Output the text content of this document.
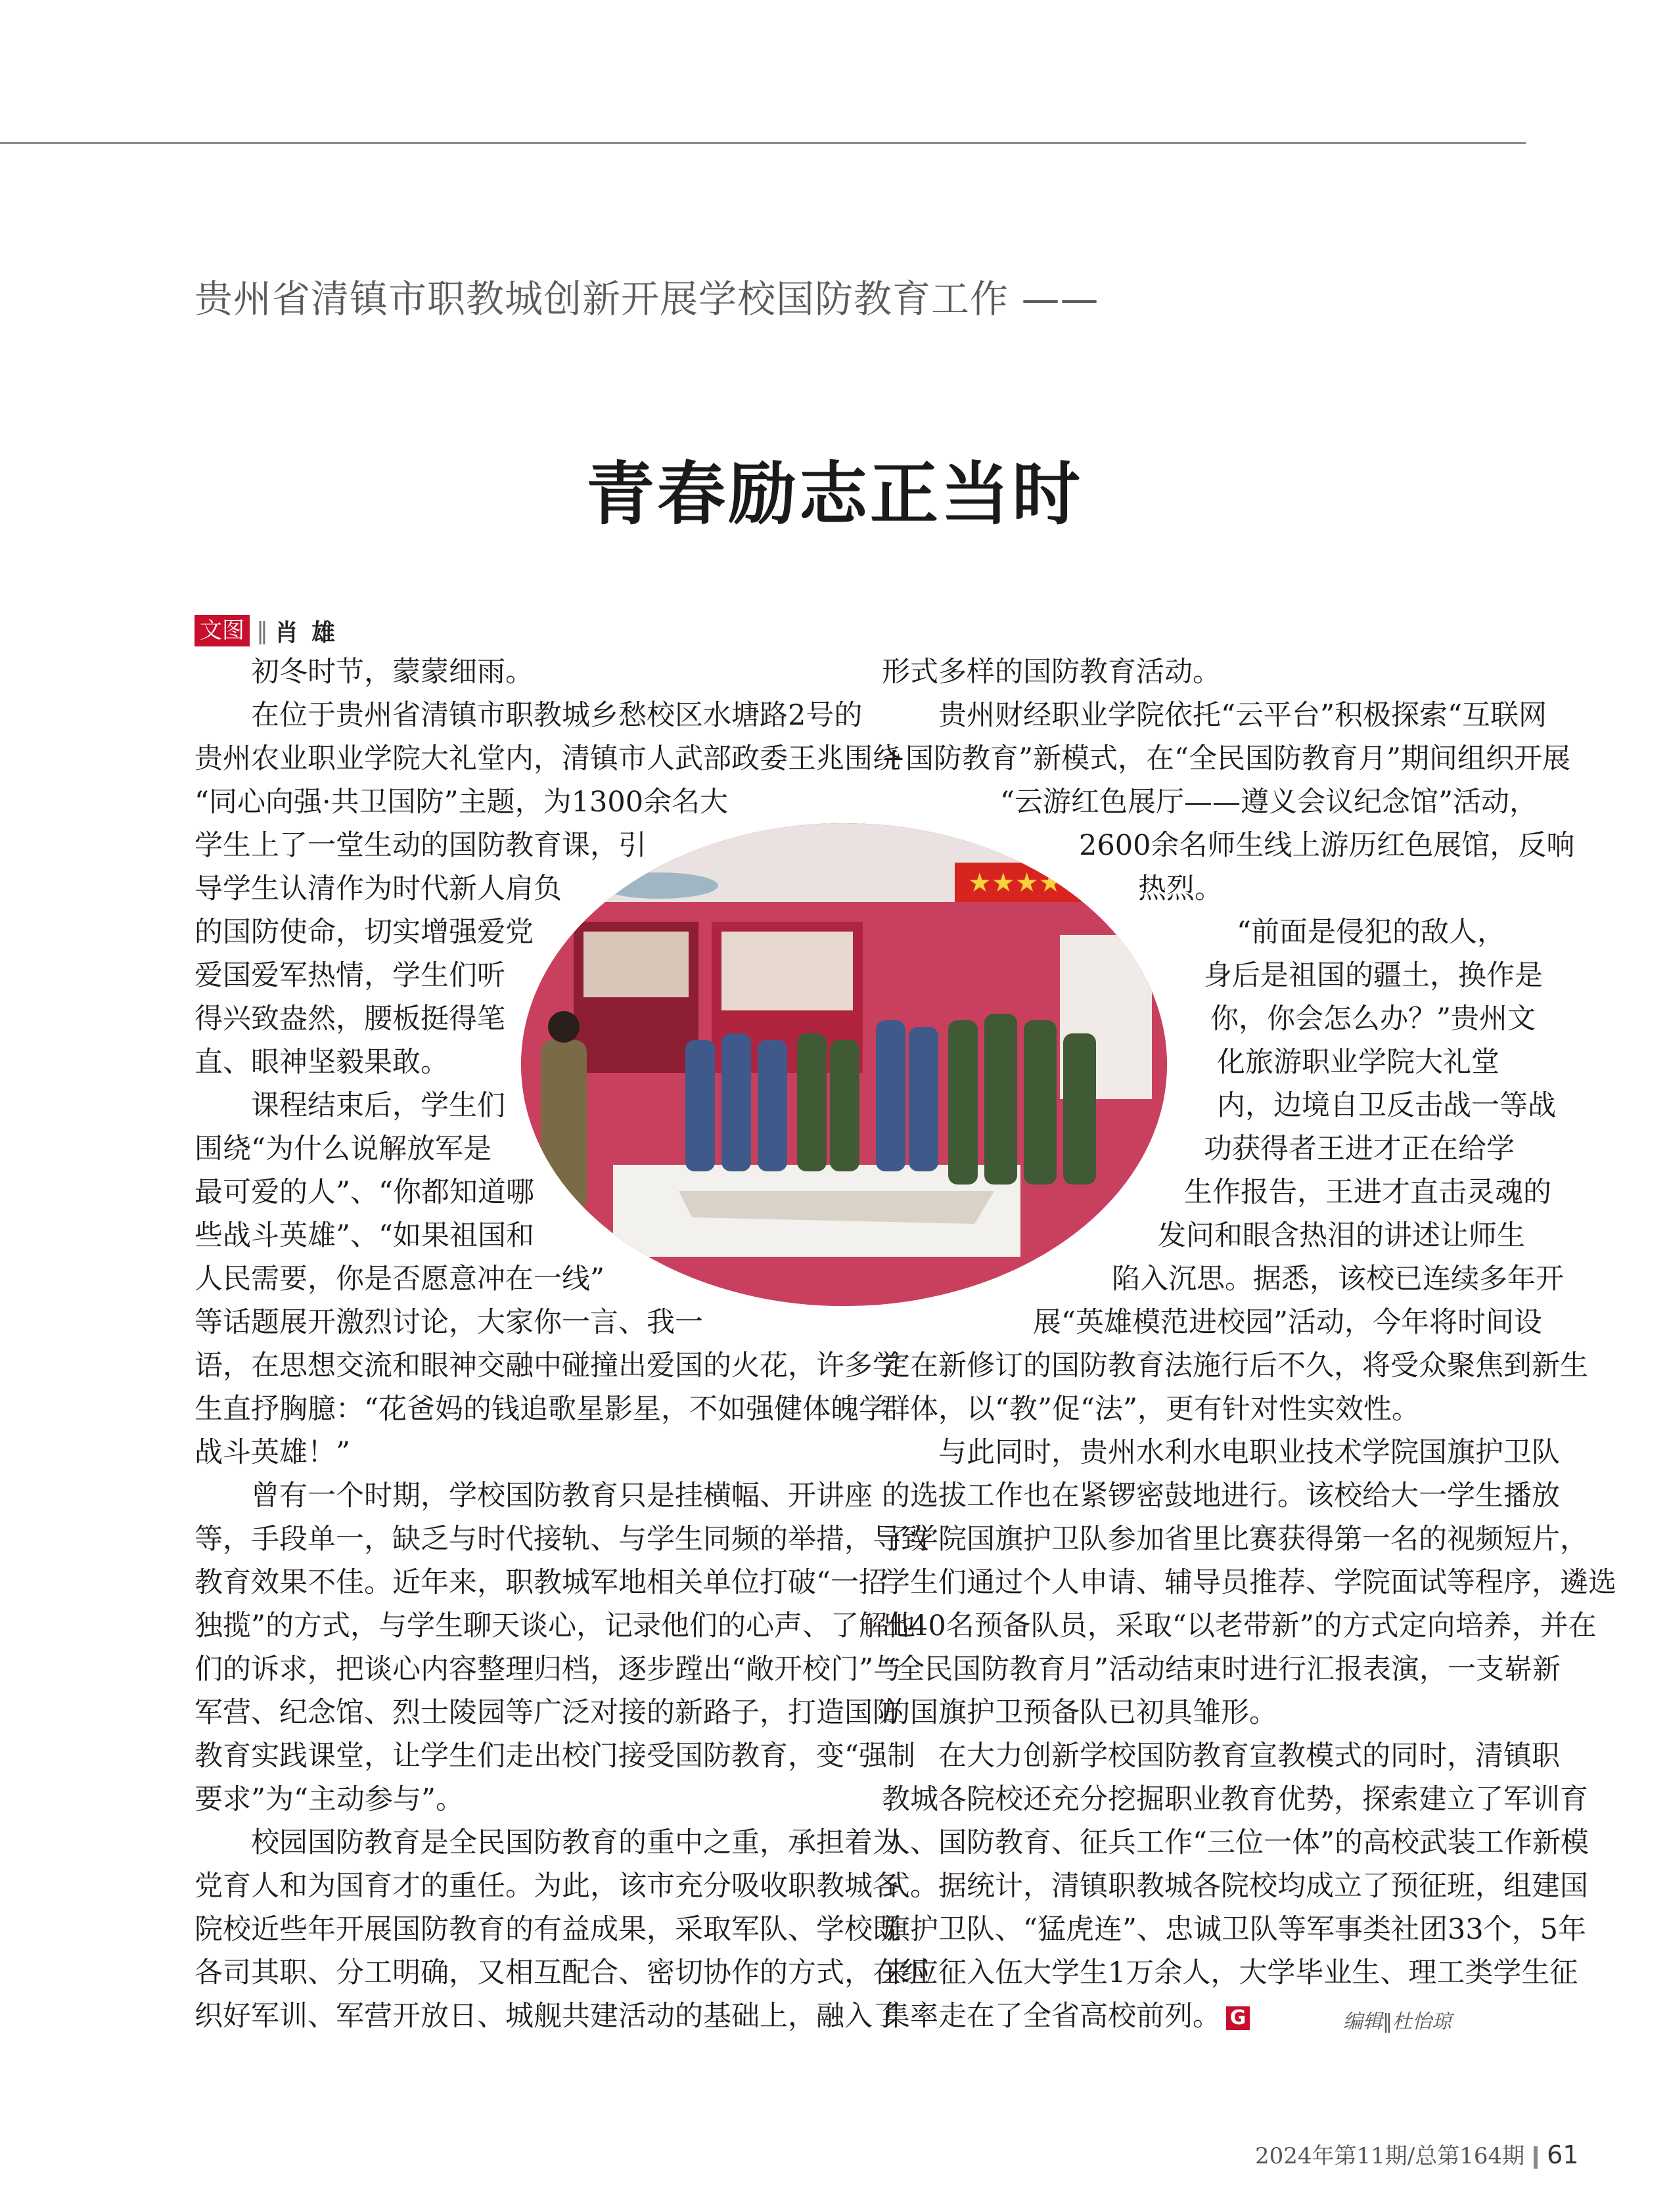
贵州省清镇市职教城创新开展学校国防教育工作 ——
青春励志正当时
文图 ‖ 肖雄
　　初冬时节，蒙蒙细雨。
　　在位于贵州省清镇市职教城乡愁校区水塘路2号的
贵州农业职业学院大礼堂内，清镇市人武部政委王兆围绕
“同心向强·共卫国防”主题，为1300余名大
学生上了一堂生动的国防教育课，引
导学生认清作为时代新人肩负
的国防使命，切实增强爱党
爱国爱军热情，学生们听
得兴致盎然，腰板挺得笔
直、眼神坚毅果敢。
　　课程结束后，学生们
围绕“为什么说解放军是
最可爱的人”、“你都知道哪
些战斗英雄”、“如果祖国和
人民需要，你是否愿意冲在一线”
等话题展开激烈讨论，大家你一言、我一
语，在思想交流和眼神交融中碰撞出爱国的火花，许多学
生直抒胸臆：“花爸妈的钱追歌星影星，不如强健体魄学
战斗英雄！”
　　曾有一个时期，学校国防教育只是挂横幅、开讲座
等，手段单一，缺乏与时代接轨、与学生同频的举措，导致
教育效果不佳。近年来，职教城军地相关单位打破“一招
独揽”的方式，与学生聊天谈心，记录他们的心声、了解他
们的诉求，把谈心内容整理归档，逐步蹚出“敞开校门”与
军营、纪念馆、烈士陵园等广泛对接的新路子，打造国防
教育实践课堂，让学生们走出校门接受国防教育，变“强制
要求”为“主动参与”。
　　校园国防教育是全民国防教育的重中之重，承担着为
党育人和为国育才的重任。为此，该市充分吸收职教城各
院校近些年开展国防教育的有益成果，采取军队、学校既
各司其职、分工明确，又相互配合、密切协作的方式，在组
织好军训、军营开放日、城舰共建活动的基础上，融入了
形式多样的国防教育活动。
　　贵州财经职业学院依托“云平台”积极探索“互联网
+国防教育”新模式，在“全民国防教育月”期间组织开展
“云游红色展厅——遵义会议纪念馆”活动，
2600余名师生线上游历红色展馆，反响
热烈。
“前面是侵犯的敌人，
身后是祖国的疆土，换作是
你，你会怎么办？”贵州文
化旅游职业学院大礼堂
内，边境自卫反击战一等战
功获得者王进才正在给学
生作报告，王进才直击灵魂的
发问和眼含热泪的讲述让师生
陷入沉思。据悉，该校已连续多年开
展“英雄模范进校园”活动，今年将时间设
定在新修订的国防教育法施行后不久，将受众聚焦到新生
群体，以“教”促“法”，更有针对性实效性。
　　与此同时，贵州水利水电职业技术学院国旗护卫队
的选拔工作也在紧锣密鼓地进行。该校给大一学生播放
了学院国旗护卫队参加省里比赛获得第一名的视频短片，
学生们通过个人申请、辅导员推荐、学院面试等程序，遴选
出40名预备队员，采取“以老带新”的方式定向培养，并在
“全民国防教育月”活动结束时进行汇报表演，一支崭新
的国旗护卫预备队已初具雏形。
　　在大力创新学校国防教育宣教模式的同时，清镇职
教城各院校还充分挖掘职业教育优势，探索建立了军训育
人、国防教育、征兵工作“三位一体”的高校武装工作新模
式。据统计，清镇职教城各院校均成立了预征班，组建国
旗护卫队、“猛虎连”、忠诚卫队等军事类社团33个，5年
来应征入伍大学生1万余人，大学毕业生、理工类学生征
集率走在了全省高校前列。 G
★★★★★
编辑‖杜怡琼
2024年第11期/总第164期 61
